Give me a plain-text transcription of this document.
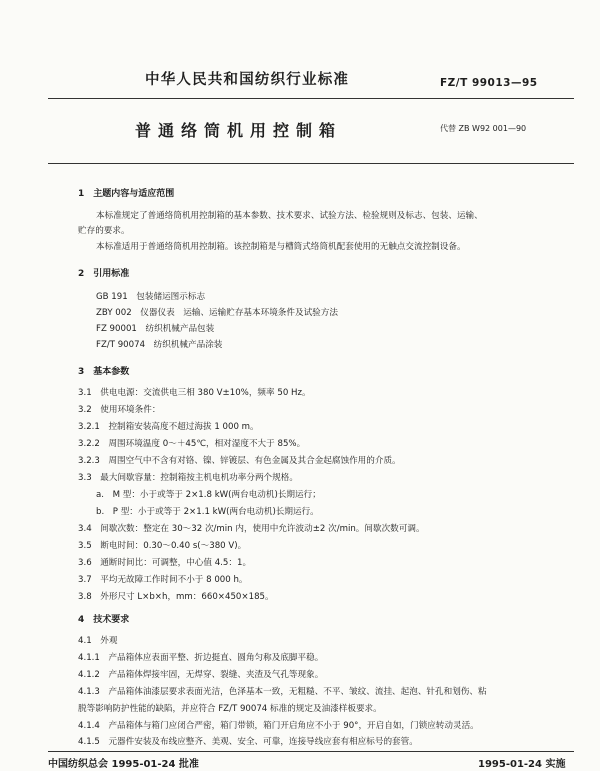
中华人民共和国纺织行业标准	FZ/T 99013—95
普通络筒机用控制箱	代替 ZB W92 001—90
1　主题内容与适应范围
本标准规定了普通络筒机用控制箱的基本参数、技术要求、试验方法、检验规则及标志、包装、运输、
贮存的要求。
本标准适用于普通络筒机用控制箱。该控制箱是与槽筒式络筒机配套使用的无触点交流控制设备。
2　引用标准
GB 191　包装储运图示标志
ZBY 002　仪器仪表　运输、运输贮存基本环境条件及试验方法
FZ 90001　纺织机械产品包装
FZ/T 90074　纺织机械产品涂装
3　基本参数
3.1　供电电源：交流供电三相 380 V±10%，频率 50 Hz。
3.2　使用环境条件：
3.2.1　控制箱安装高度不超过海拔 1 000 m。
3.2.2　周围环境温度 0～＋45℃，相对湿度不大于 85%。
3.2.3　周围空气中不含有对铬、镍、锌镀层、有色金属及其合金起腐蚀作用的介质。
3.3　最大间歇容量：控制箱按主机电机功率分两个规格。
a.　M 型：小于或等于 2×1.8 kW(两台电动机)长期运行；
b.　P 型：小于或等于 2×1.1 kW(两台电动机)长期运行。
3.4　间歇次数：整定在 30～32 次/min 内，使用中允许波动±2 次/min。间歇次数可调。
3.5　断电时间：0.30～0.40 s(～380 V)。
3.6　通断时间比：可调整，中心值 4.5：1。
3.7　平均无故障工作时间不小于 8 000 h。
3.8　外形尺寸 L×b×h，mm：660×450×185。
4　技术要求
4.1　外观
4.1.1　产品箱体应表面平整、折边挺直、圆角匀称及底脚平稳。
4.1.2　产品箱体焊接牢固，无焊穿、裂缝、夹渣及气孔等现象。
4.1.3　产品箱体油漆层要求表面光洁，色泽基本一致，无粗糙、不平、皱纹、流挂、起泡、针孔和划伤、粘
脱等影响防护性能的缺陷，并应符合 FZ/T 90074 标准的规定及油漆样板要求。
4.1.4　产品箱体与箱门应闭合严密，箱门带锁，箱门开启角应不小于 90°，开启自如，门锁应转动灵活。
4.1.5　元器件安装及布线应整齐、美观、安全、可靠，连接导线应套有相应标号的套管。
中国纺织总会 1995-01-24 批准	1995-01-24 实施
